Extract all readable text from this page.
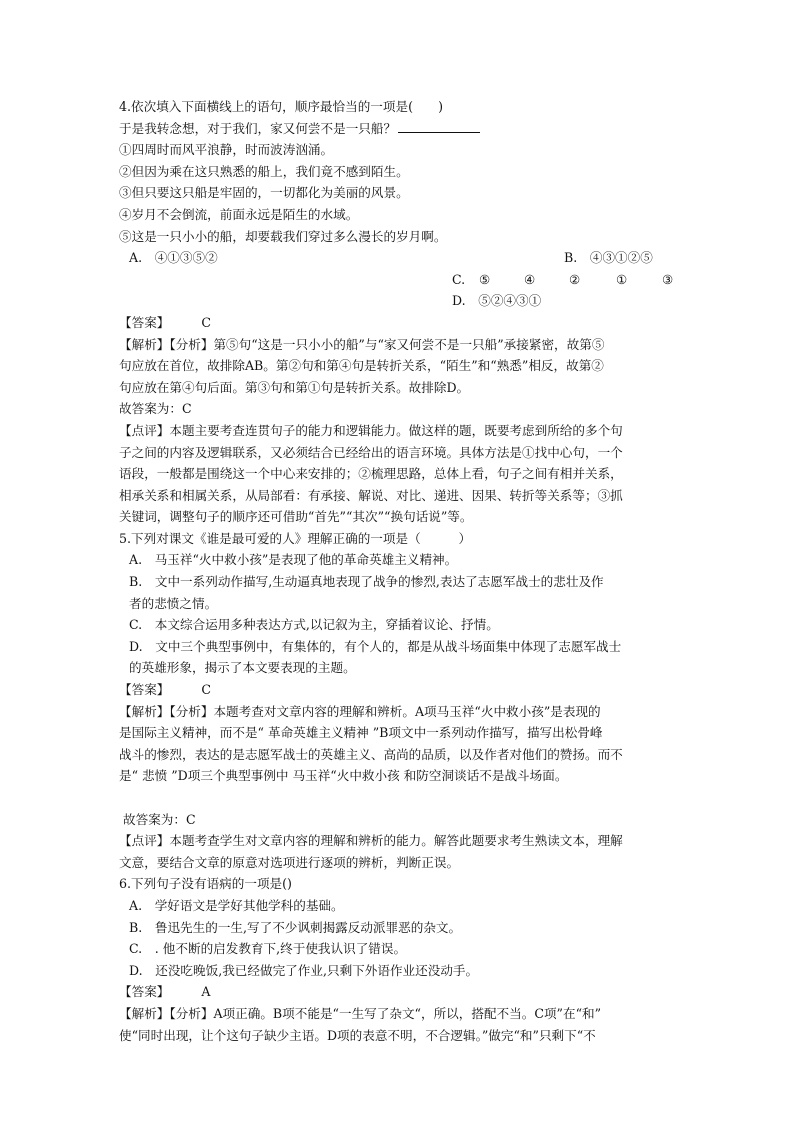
4.依次填入下面横线上的语句，顺序最恰当的一项是(　　)
于是我转念想，对于我们，家又何尝不是一只船？
①四周时而风平浪静，时而波涛汹涌。
②但因为乘在这只熟悉的船上，我们竟不感到陌生。
③但只要这只船是牢固的，一切都化为美丽的风景。
④岁月不会倒流，前面永远是陌生的水域。
⑤这是一只小小的船，却要载我们穿过多么漫长的岁月啊。
A.　④①③⑤②	B.　④③①②⑤
C. ⑤	④	②	①	③
D.　⑤②④③①
【答案】	C
【解析】【分析】第⑤句“这是一只小小的船”与“家又何尝不是一只船”承接紧密，故第⑤
句应放在首位，故排除AB。第②句和第④句是转折关系，“陌生”和“熟悉”相反，故第②
句应放在第④句后面。第③句和第①句是转折关系。故排除D。
故答案为：C
【点评】本题主要考查连贯句子的能力和逻辑能力。做这样的题，既要考虑到所给的多个句
子之间的内容及逻辑联系，又必须结合已经给出的语言环境。具体方法是①找中心句，一个
语段，一般都是围绕这一个中心来安排的；②梳理思路，总体上看，句子之间有相并关系，
相承关系和相属关系，从局部看：有承接、解说、对比、递进、因果、转折等关系等；③抓
关键词，调整句子的顺序还可借助“首先”“其次”“换句话说”等。
5.下列对课文《谁是最可爱的人》理解正确的一项是（　　　）
A.　马玉祥“火中救小孩”是表现了他的革命英雄主义精神。
B.　文中一系列动作描写,生动逼真地表现了战争的惨烈,表达了志愿军战士的悲壮及作
者的悲愤之情。
C.　本文综合运用多种表达方式,以记叙为主，穿插着议论、抒情。
D.　文中三个典型事例中，有集体的，有个人的，都是从战斗场面集中体现了志愿军战士
的英雄形象，揭示了本文要表现的主题。
【答案】	C
【解析】【分析】本题考查对文章内容的理解和辨析。A项马玉祥“火中救小孩”是表现的
是国际主义精神，而不是“ 革命英雄主义精神 ”B项文中一系列动作描写，描写出松骨峰
战斗的惨烈，表达的是志愿军战士的英雄主义、高尚的品质，以及作者对他们的赞扬。而不
是“ 悲愤 ”D项三个典型事例中 马玉祥“火中救小孩 和防空洞谈话不是战斗场面。
故答案为：C
【点评】本题考查学生对文章内容的理解和辨析的能力。解答此题要求考生熟读文本，理解
文意，要结合文章的原意对选项进行逐项的辨析，判断正误。
6.下列句子没有语病的一项是()
A.　学好语文是学好其他学科的基础。
B.　鲁迅先生的一生,写了不少讽刺揭露反动派罪恶的杂文。
C.　. 他不断的启发教育下,终于使我认识了错误。
D.　还没吃晚饭,我已经做完了作业,只剩下外语作业还没动手。
【答案】	A
【解析】【分析】A项正确。B项不能是“一生写了杂文“，所以，搭配不当。C项”在“和”
使“同时出现，让个这句子缺少主语。D项的表意不明，不合逻辑。”做完“和”只剩下“不
